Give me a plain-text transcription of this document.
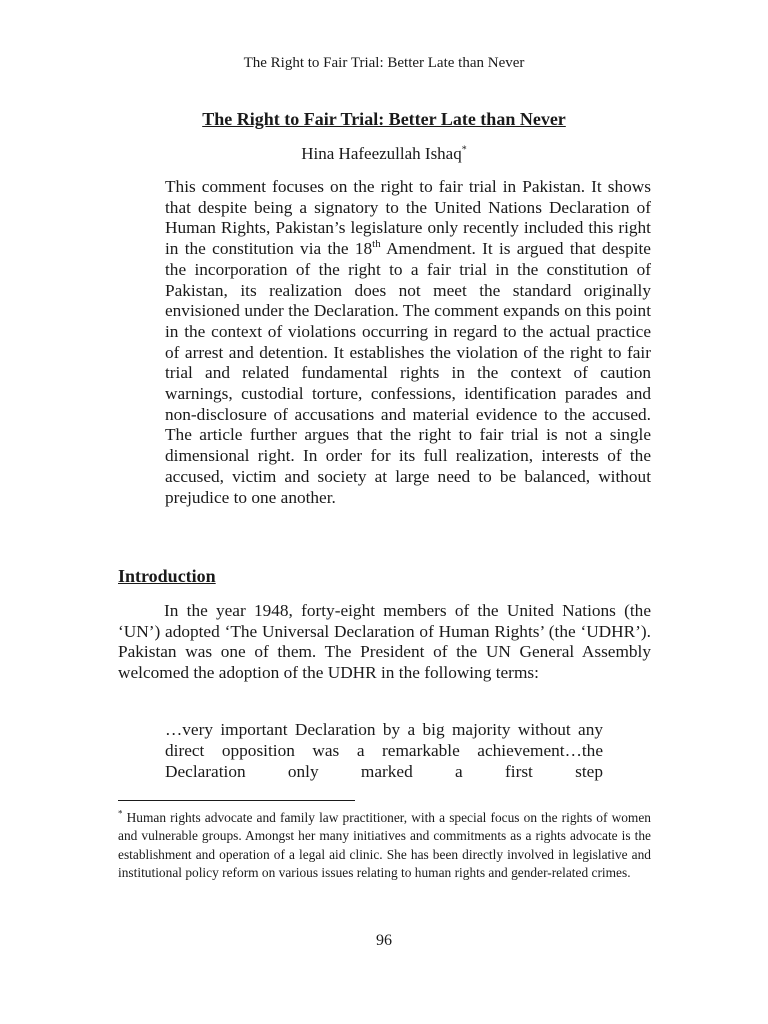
The Right to Fair Trial: Better Late than Never
The Right to Fair Trial: Better Late than Never
Hina Hafeezullah Ishaq*
This comment focuses on the right to fair trial in Pakistan. It shows that despite being a signatory to the United Nations Declaration of Human Rights, Pakistan’s legislature only recently included this right in the constitution via the 18th Amendment. It is argued that despite the incorporation of the right to a fair trial in the constitution of Pakistan, its realization does not meet the standard originally envisioned under the Declaration. The comment expands on this point in the context of violations occurring in regard to the actual practice of arrest and detention. It establishes the violation of the right to fair trial and related fundamental rights in the context of caution warnings, custodial torture, confessions, identification parades and non-disclosure of accusations and material evidence to the accused. The article further argues that the right to fair trial is not a single dimensional right. In order for its full realization, interests of the accused, victim and society at large need to be balanced, without prejudice to one another.
Introduction
In the year 1948, forty-eight members of the United Nations (the ‘UN’) adopted ‘The Universal Declaration of Human Rights’ (the ‘UDHR’). Pakistan was one of them. The President of the UN General Assembly welcomed the adoption of the UDHR in the following terms:
…very important Declaration by a big majority without any direct opposition was a remarkable achievement…the Declaration only marked a first step
* Human rights advocate and family law practitioner, with a special focus on the rights of women and vulnerable groups. Amongst her many initiatives and commitments as a rights advocate is the establishment and operation of a legal aid clinic. She has been directly involved in legislative and institutional policy reform on various issues relating to human rights and gender-related crimes.
96
